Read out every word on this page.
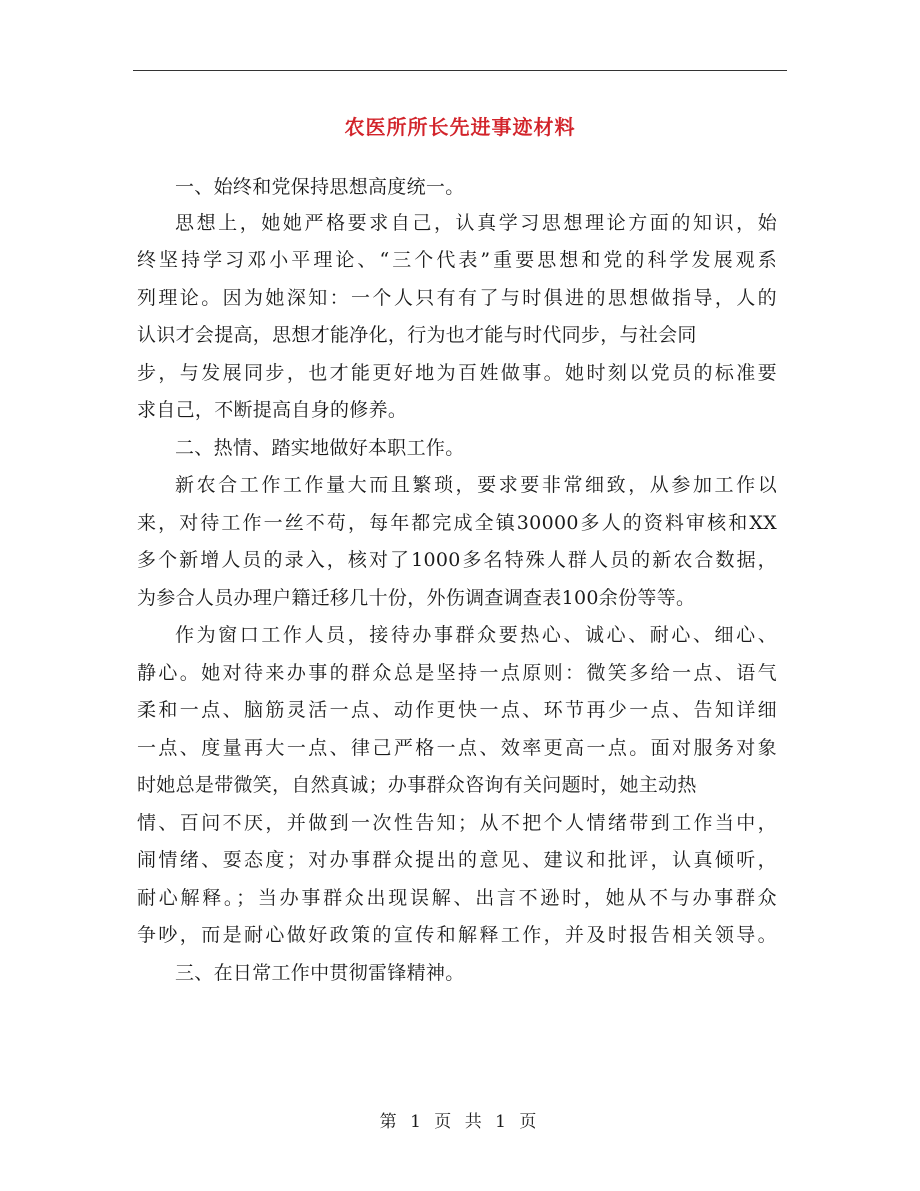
农医所所长先进事迹材料
一、始终和党保持思想高度统一。
思想上，她她严格要求自己，认真学习思想理论方面的知识，始
终坚持学习邓小平理论、“三个代表”重要思想和党的科学发展观系
列理论。因为她深知：一个人只有有了与时俱进的思想做指导，人的
认识才会提高，思想才能净化，行为也才能与时代同步，与社会同
步，与发展同步，也才能更好地为百姓做事。她时刻以党员的标准要
求自己，不断提高自身的修养。
二、热情、踏实地做好本职工作。
新农合工作工作量大而且繁琐，要求要非常细致，从参加工作以
来，对待工作一丝不苟，每年都完成全镇30000多人的资料审核和XX
多个新增人员的录入，核对了1000多名特殊人群人员的新农合数据，
为参合人员办理户籍迁移几十份，外伤调查调查表100余份等等。
作为窗口工作人员，接待办事群众要热心、诚心、耐心、细心、
静心。她对待来办事的群众总是坚持一点原则：微笑多给一点、语气
柔和一点、脑筋灵活一点、动作更快一点、环节再少一点、告知详细
一点、度量再大一点、律己严格一点、效率更高一点。面对服务对象
时她总是带微笑，自然真诚；办事群众咨询有关问题时，她主动热
情、百问不厌，并做到一次性告知；从不把个人情绪带到工作当中，
闹情绪、耍态度；对办事群众提出的意见、建议和批评，认真倾听，
耐心解释。；当办事群众出现误解、出言不逊时，她从不与办事群众
争吵，而是耐心做好政策的宣传和解释工作，并及时报告相关领导。
三、在日常工作中贯彻雷锋精神。
第 1 页 共 1 页
